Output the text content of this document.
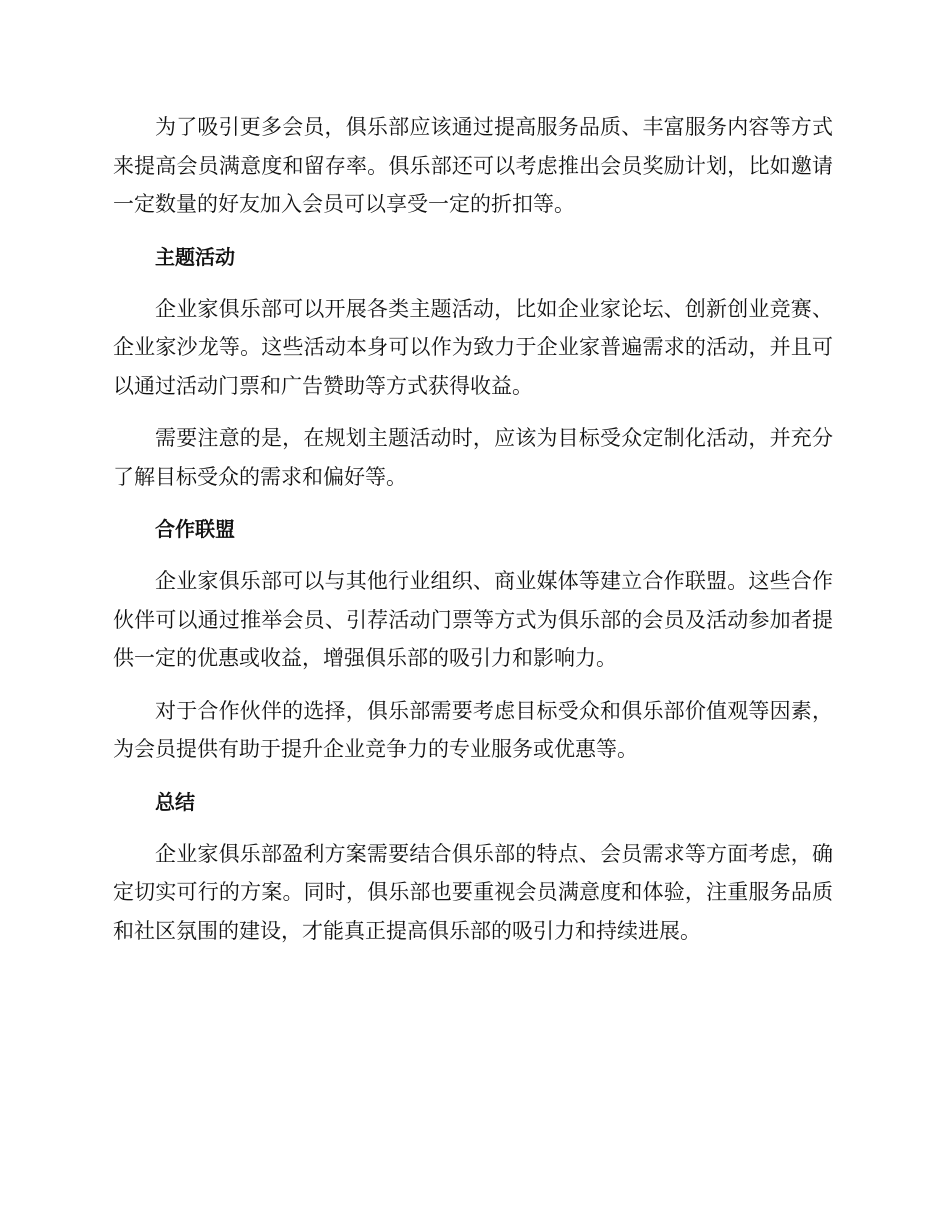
为了吸引更多会员，俱乐部应该通过提高服务品质、丰富服务内容等方式来提高会员满意度和留存率。俱乐部还可以考虑推出会员奖励计划，比如邀请一定数量的好友加入会员可以享受一定的折扣等。

主题活动

企业家俱乐部可以开展各类主题活动，比如企业家论坛、创新创业竞赛、企业家沙龙等。这些活动本身可以作为致力于企业家普遍需求的活动，并且可以通过活动门票和广告赞助等方式获得收益。

需要注意的是，在规划主题活动时，应该为目标受众定制化活动，并充分了解目标受众的需求和偏好等。

合作联盟

企业家俱乐部可以与其他行业组织、商业媒体等建立合作联盟。这些合作伙伴可以通过推举会员、引荐活动门票等方式为俱乐部的会员及活动参加者提供一定的优惠或收益，增强俱乐部的吸引力和影响力。

对于合作伙伴的选择，俱乐部需要考虑目标受众和俱乐部价值观等因素，为会员提供有助于提升企业竞争力的专业服务或优惠等。

总结

企业家俱乐部盈利方案需要结合俱乐部的特点、会员需求等方面考虑，确定切实可行的方案。同时，俱乐部也要重视会员满意度和体验，注重服务品质和社区氛围的建设，才能真正提高俱乐部的吸引力和持续进展。
